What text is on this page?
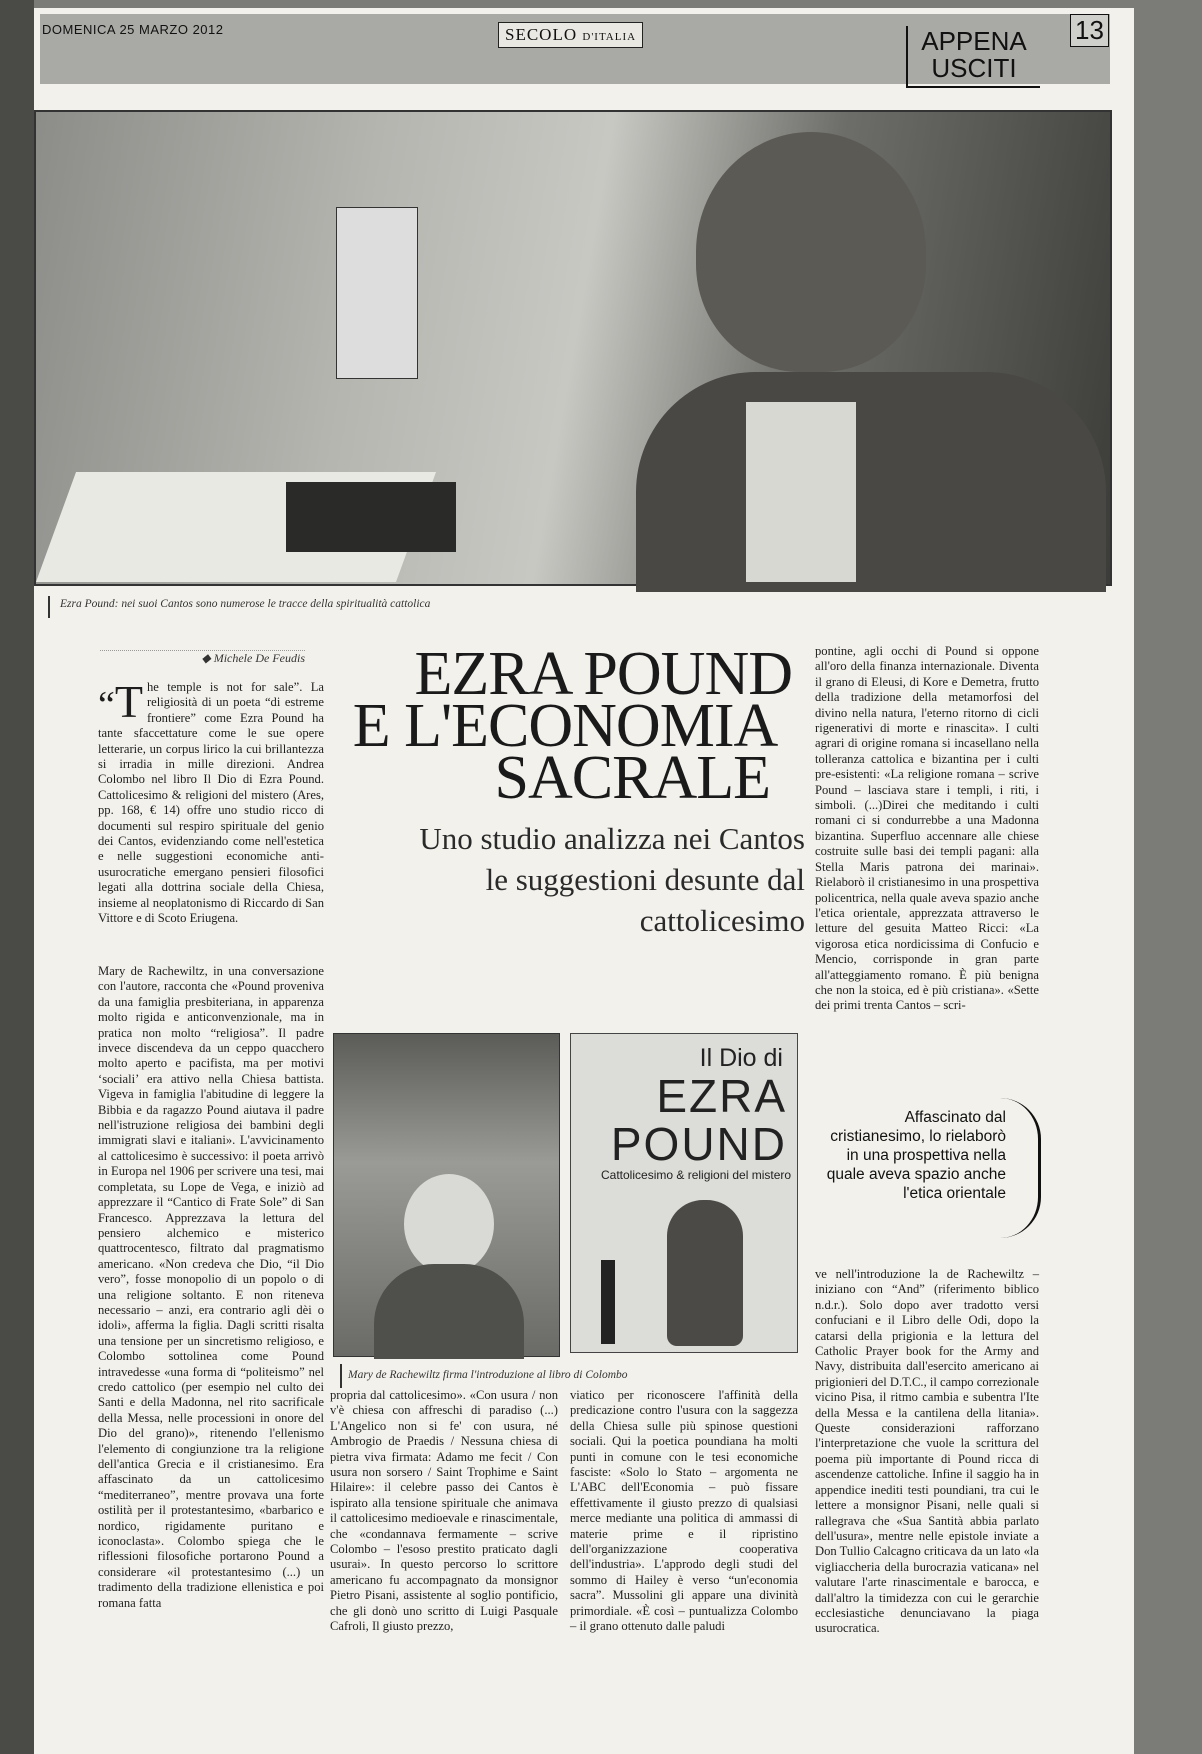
DOMENICA 25 MARZO 2012	SECOLO D'ITALIA	APPENA
USCITI
13
Ezra Pound: nei suoi Cantos sono numerose le tracce della spiritualità cattolica
◆ Michele De Feudis	EZRA POUND
E L'ECONOMIA
SACRALE
Uno studio analizza nei Cantos le suggestioni desunte dal cattolicesimo

“T he temple is not for sale”. La religiosità di un poeta “di estreme frontiere” come Ezra Pound ha tante sfaccettature come le sue opere letterarie, un corpus lirico la cui brillantezza si irradia in mille direzioni. Andrea Colombo nel libro Il Dio di Ezra Pound. Cattolicesimo & religioni del mistero (Ares, pp. 168, € 14) offre uno studio ricco di documenti sul respiro spirituale del genio dei Cantos, evidenziando come nell'estetica e nelle suggestioni economiche anti-usurocratiche emergano pensieri filosofici legati alla dottrina sociale della Chiesa, insieme al neoplatonismo di Riccardo di San Vittore e di Scoto Eriugena.

Mary de Rachewiltz, in una conversazione con l'autore, racconta che «Pound proveniva da una famiglia presbiteriana, in apparenza molto rigida e anticonvenzionale, ma in pratica non molto “religiosa”. Il padre invece discendeva da un ceppo quacchero molto aperto e pacifista, ma per motivi ‘sociali’ era attivo nella Chiesa battista. Vigeva in famiglia l'abitudine di leggere la Bibbia e da ragazzo Pound aiutava il padre nell'istruzione religiosa dei bambini degli immigrati slavi e italiani». L'avvicinamento al cattolicesimo è successivo: il poeta arrivò in Europa nel 1906 per scrivere una tesi, mai completata, su Lope de Vega, e iniziò ad apprezzare il “Cantico di Frate Sole” di San Francesco. Apprezzava la lettura del pensiero alchemico e misterico quattrocentesco, filtrato dal pragmatismo americano. «Non credeva che Dio, “il Dio vero”, fosse monopolio di un popolo o di una religione soltanto. E non riteneva necessario – anzi, era contrario agli dèi o idoli», afferma la figlia. Dagli scritti risalta una tensione per un sincretismo religioso, e Colombo sottolinea come Pound intravedesse «una forma di “politeismo” nel credo cattolico (per esempio nel culto dei Santi e della Madonna, nel rito sacrificale della Messa, nelle processioni in onore del Dio del grano)», ritenendo l'ellenismo l'elemento di congiunzione tra la religione dell'antica Grecia e il cristianesimo. Era affascinato da un cattolicesimo “mediterraneo”, mentre provava una forte ostilità per il protestantesimo, «barbarico e nordico, rigidamente puritano e iconoclasta». Colombo spiega che le riflessioni filosofiche portarono Pound a considerare «il protestantesimo (...) un tradimento della tradizione ellenistica e poi romana fatta

Il Dio di
EZRA
POUND
Cattolicesimo & religioni del mistero
Mary de Rachewiltz firma l'introduzione al libro di Colombo

propria dal cattolicesimo». «Con usura / non v'è chiesa con affreschi di paradiso (...) L'Angelico non si fe' con usura, né Ambrogio de Praedis / Nessuna chiesa di pietra viva firmata: Adamo me fecit / Con usura non sorsero / Saint Trophime e Saint Hilaire»: il celebre passo dei Cantos è ispirato alla tensione spirituale che animava il cattolicesimo medioevale e rinascimentale, che «condannava fermamente – scrive Colombo – l'esoso prestito praticato dagli usurai». In questo percorso lo scrittore americano fu accompagnato da monsignor Pietro Pisani, assistente al soglio pontificio, che gli donò uno scritto di Luigi Pasquale Cafroli, Il giusto prezzo,

viatico per riconoscere l'affinità della predicazione contro l'usura con la saggezza della Chiesa sulle più spinose questioni sociali. Qui la poetica poundiana ha molti punti in comune con le tesi economiche fasciste: «Solo lo Stato – argomenta ne L'ABC dell'Economia – può fissare effettivamente il giusto prezzo di qualsiasi merce mediante una politica di ammassi di materie prime e il ripristino dell'organizzazione cooperativa dell'industria». L'approdo degli studi del sommo di Hailey è verso “un'economia sacra”. Mussolini gli appare una divinità primordiale. «È così – puntualizza Colombo – il grano ottenuto dalle paludi

pontine, agli occhi di Pound si oppone all'oro della finanza internazionale. Diventa il grano di Eleusi, di Kore e Demetra, frutto della tradizione della metamorfosi del divino nella natura, l'eterno ritorno di cicli rigenerativi di morte e rinascita». I culti agrari di origine romana si incasellano nella tolleranza cattolica e bizantina per i culti pre-esistenti: «La religione romana – scrive Pound – lasciava stare i templi, i riti, i simboli. (...)Direi che meditando i culti romani ci si condurrebbe a una Madonna bizantina. Superfluo accennare alle chiese costruite sulle basi dei templi pagani: alla Stella Maris patrona dei marinai». Rielaborò il cristianesimo in una prospettiva policentrica, nella quale aveva spazio anche l'etica orientale, apprezzata attraverso le letture del gesuita Matteo Ricci: «La vigorosa etica nordicissima di Confucio e Mencio, corrisponde in gran parte all'atteggiamento romano. È più benigna che non la stoica, ed è più cristiana». «Sette dei primi trenta Cantos – scri-

Affascinato dal cristianesimo, lo rielaborò in una prospettiva nella quale aveva spazio anche l'etica orientale

ve nell'introduzione la de Rachewiltz – iniziano con “And” (riferimento biblico n.d.r.). Solo dopo aver tradotto versi confuciani e il Libro delle Odi, dopo la catarsi della prigionia e la lettura del Catholic Prayer book for the Army and Navy, distribuita dall'esercito americano ai prigionieri del D.T.C., il campo correzionale vicino Pisa, il ritmo cambia e subentra l'Ite della Messa e la cantilena della litania». Queste considerazioni rafforzano l'interpretazione che vuole la scrittura del poema più importante di Pound ricca di ascendenze cattoliche. Infine il saggio ha in appendice inediti testi poundiani, tra cui le lettere a monsignor Pisani, nelle quali si rallegrava che «Sua Santità abbia parlato dell'usura», mentre nelle epistole inviate a Don Tullio Calcagno criticava da un lato «la vigliaccheria della burocrazia vaticana» nel valutare l'arte rinascimentale e barocca, e dall'altro la timidezza con cui le gerarchie ecclesiastiche denunciavano la piaga usurocratica.
